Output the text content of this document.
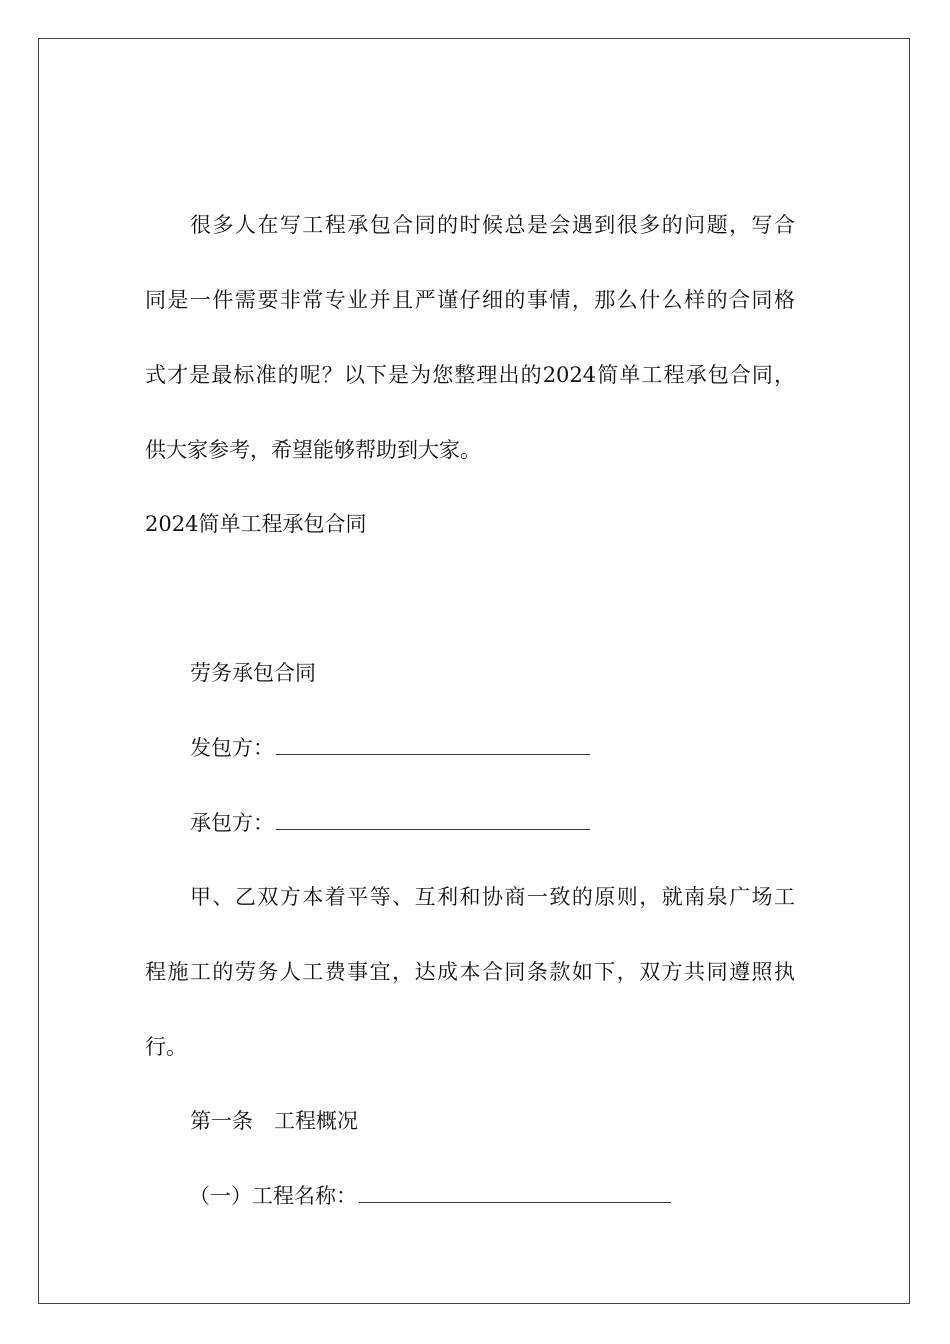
很多人在写工程承包合同的时候总是会遇到很多的问题，写合
同是一件需要非常专业并且严谨仔细的事情，那么什么样的合同格
式才是最标准的呢？以下是为您整理出的2024简单工程承包合同，
供大家参考，希望能够帮助到大家。
2024简单工程承包合同
劳务承包合同
发包方：
承包方：
甲、乙双方本着平等、互利和协商一致的原则，就南泉广场工
程施工的劳务人工费事宜，达成本合同条款如下，双方共同遵照执
行。
第一条　工程概况
（一）工程名称：
